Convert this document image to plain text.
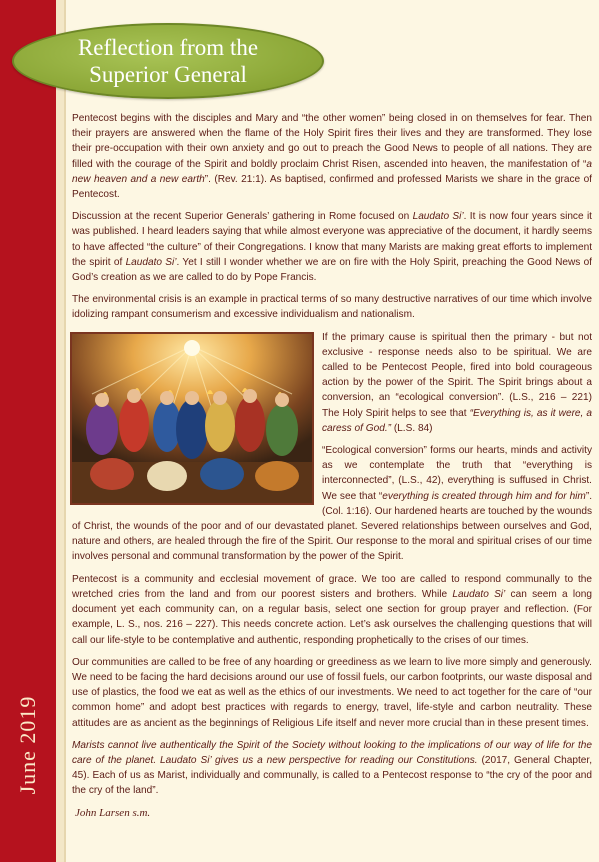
June 2019
Reflection from the
Superior General

Pentecost begins with the disciples and Mary and “the other women” being closed in on themselves for fear. Then their prayers are answered when the flame of the Holy Spirit fires their lives and they are transformed. They lose their pre-occupation with their own anxiety and go out to preach the Good News to people of all nations. They are filled with the courage of the Spirit and boldly proclaim Christ Risen, ascended into heaven, the manifestation of “a new heaven and a new earth”. (Rev. 21:1). As baptised, confirmed and professed Marists we share in the grace of Pentecost.

Discussion at the recent Superior Generals’ gathering in Rome focused on Laudato Si’. It is now four years since it was published. I heard leaders saying that while almost everyone was appreciative of the document, it hardly seems to have affected “the culture” of their Congregations. I know that many Marists are making great efforts to implement the spirit of Laudato Si’. Yet I still I wonder whether we are on fire with the Holy Spirit, preaching the Good News of God’s creation as we are called to do by Pope Francis.

The environmental crisis is an example in practical terms of so many destructive narratives of our time which involve idolizing rampant consumerism and excessive individualism and nationalism.

If the primary cause is spiritual then the primary - but not exclusive - response needs also to be spiritual. We are called to be Pentecost People, fired into bold courageous action by the power of the Spirit. The Spirit brings about a conversion, an “ecological conversion”. (L.S., 216 – 221) The Holy Spirit helps to see that “Everything is, as it were, a caress of God.” (L.S. 84)

“Ecological conversion” forms our hearts, minds and activity as we contemplate the truth that “everything is interconnected”, (L.S., 42), everything is suffused in Christ. We see that “everything is created through him and for him”. (Col. 1:16). Our hardened hearts are touched by the wounds of Christ, the wounds of the poor and of our devastated planet. Severed relationships between ourselves and God, nature and others, are healed through the fire of the Spirit. Our response to the moral and spiritual crises of our time involves personal and communal transformation by the power of the Spirit.

Pentecost is a community and ecclesial movement of grace. We too are called to respond communally to the wretched cries from the land and from our poorest sisters and brothers. While Laudato Si’ can seem a long document yet each community can, on a regular basis, select one section for group prayer and reflection. (For example, L. S., nos. 216 – 227). This needs concrete action. Let’s ask ourselves the challenging questions that will call our life-style to be contemplative and authentic, responding prophetically to the crises of our times.

Our communities are called to be free of any hoarding or greediness as we learn to live more simply and generously. We need to be facing the hard decisions around our use of fossil fuels, our carbon footprints, our waste disposal and use of plastics, the food we eat as well as the ethics of our investments. We need to act together for the care of “our common home” and adopt best practices with regards to energy, travel, life-style and carbon neutrality. These attitudes are as ancient as the beginnings of Religious Life itself and never more crucial than in these present times.

Marists cannot live authentically the Spirit of the Society without looking to the implications of our way of life for the care of the planet. Laudato Si’ gives us a new perspective for reading our Constitutions. (2017, General Chapter, 45). Each of us as Marist, individually and communally, is called to a Pentecost response to “the cry of the poor and the cry of the land”.

John Larsen s.m.
